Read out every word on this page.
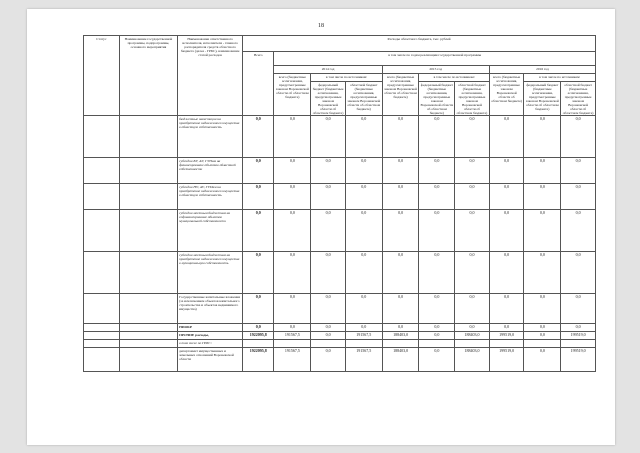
18
Статус	Наименование государственной программы, подпрограммы, основного мероприятия	Наименование ответственного исполнителя, исполнителя - главного распорядителя средств областного бюджета (далее - ГРБС), наименование статей расходов	Расходы областного бюджета, тыс. рублей									
			Всего	в том числе по годам реализации государственной программы								
				2014 год			2015 год			2016 год		
				всего (бюджетные ассигнования, предусмотренные законом Воронежской области об областном бюджете)	в том числе по источникам:		всего (бюджетные ассигнования, предусмотренные законом Воронежской области об областном бюджете)	в том числе по источникам:		всего (бюджетные ассигнования, предусмотренные законом Воронежской области об областном бюджете)	в том числе по источникам:	
					федеральный бюджет (бюджетные ассигнования, предусмотренные законом Воронежской области об областном бюджете)	областной бюджет (бюджетные ассигнования, предусмотренные законом Воронежской области об областном бюджете)		федеральный бюджет (бюджетные ассигнования, предусмотренные законом Воронежской области об областном бюджете)	областной бюджет (бюджетные ассигнования, предусмотренные законом Воронежской области об областном бюджете)		федеральный бюджет (бюджетные ассигнования, предусмотренные законом Воронежской области об областном бюджете)	областной бюджет (бюджетные ассигнования, предусмотренные законом Воронежской области об областном бюджете)
		бюджетные инвестиции на приобретение недвижимого имущества в областную собственность	0,0	0,0	0,0	0,0	0,0	0,0	0,0	0,0	0,0	0,0
		субсидии БУ, АУ, ГУПам на финансирование объектов областной собственности	0,0	0,0	0,0	0,0	0,0	0,0	0,0	0,0	0,0	0,0
		субсидии НУ, АУ, ГУПам на приобретение недвижимого имущества в областную собственность	0,0	0,0	0,0	0,0	0,0	0,0	0,0	0,0	0,0	0,0
		субсидии местным бюджетам на софинансирование объектов муниципальной собственности	0,0	0,0	0,0	0,0	0,0	0,0	0,0	0,0	0,0	0,0
		субсидии местным бюджетам на приобретение недвижимого имущества в муниципальную собственность	0,0	0,0	0,0	0,0	0,0	0,0	0,0	0,0	0,0	0,0
		Государственные капитальные вложения (за исключением объектов капитального строительства и объектов недвижимого имущества)	0,0	0,0	0,0	0,0	0,0	0,0	0,0	0,0	0,0	0,0
		НИОКР	0,0	0,0	0,0	0,0	0,0	0,0	0,0	0,0	0,0	0,0
		ПРОЧИЕ расходы,	1922095,8	191567,5	0,0	191567,5	188403,0	0,0	188403,0	199519,0	0,0	199519,0
		в том числе по ГРБС:										
		департамент имущественных и земельных отношений Воронежской области	1922095,8	191567,5	0,0	191567,5	188403,0	0,0	188403,0	199519,0	0,0	199519,0
